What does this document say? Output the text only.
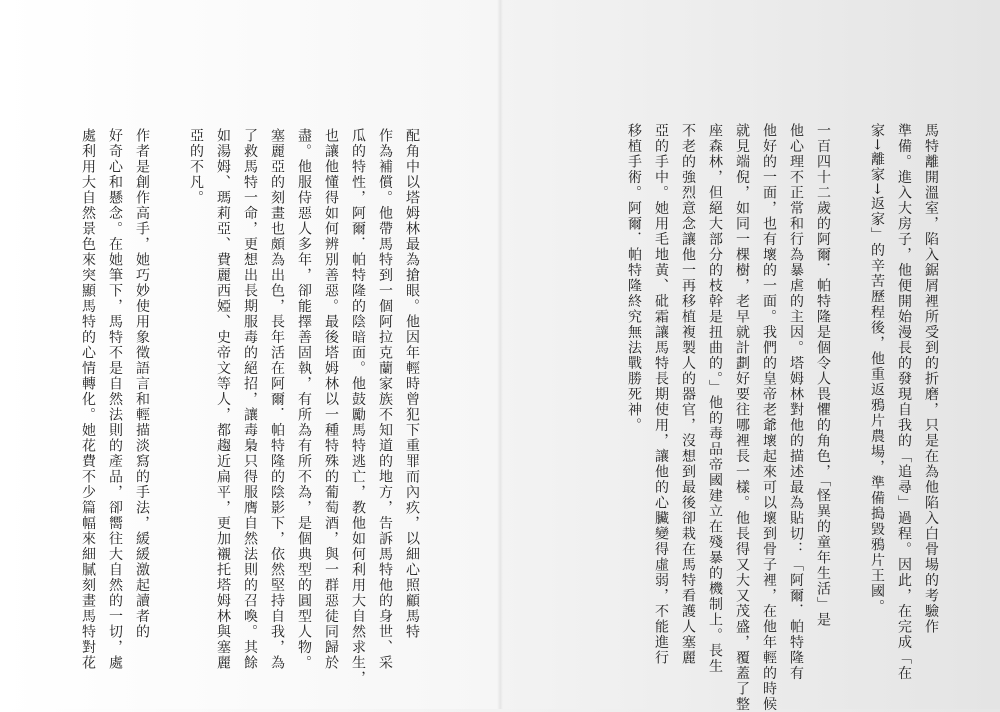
馬特離開溫室，陷入鋸屑裡所受到的折磨，只是在為他陷入白骨場的考驗作
準備。進入大房子，他便開始漫長的發現自我的「追尋」過程。因此，在完成「在
家→離家→返家」的辛苦歷程後，他重返鴉片農場，準備搗毀鴉片王國。
一百四十二歲的阿爾．帕特隆是個令人畏懼的角色，「怪異的童年生活」是
他心理不正常和行為暴虐的主因。塔姆林對他的描述最為貼切：「阿爾．帕特隆有
他好的一面，也有壞的一面。我們的皇帝老爺壞起來可以壞到骨子裡，在他年輕的時候
就見端倪，如同一棵樹，老早就計劃好要往哪裡長一樣。他長得又大又茂盛，覆蓋了整
座森林，但絕大部分的枝幹是扭曲的。」他的毒品帝國建立在殘暴的機制上。長生
不老的強烈意念讓他一再移植複製人的器官，沒想到最後卻栽在馬特看護人塞麗
亞的手中。她用毛地黃、砒霜讓馬特長期使用，讓他的心臟變得虛弱，不能進行
移植手術。阿爾．帕特隆終究無法戰勝死神。
配角中以塔姆林最為搶眼。他因年輕時曾犯下重罪而內疚，以細心照顧馬特
作為補償。他帶馬特到一個阿拉克蘭家族不知道的地方，告訴馬特他的身世、采
瓜的特性，阿爾．帕特隆的陰暗面。他鼓勵馬特逃亡，教他如何利用大自然求生，
也讓他懂得如何辨別善惡。最後塔姆林以一種特殊的葡萄酒，與一群惡徒同歸於
盡。他服侍惡人多年，卻能擇善固執，有所為有所不為，是個典型的圓型人物。
塞麗亞的刻畫也頗為出色，長年活在阿爾．帕特隆的陰影下，依然堅持自我，為
了救馬特一命，更想出長期服毒的絕招，讓毒梟只得服膺自然法則的召喚。其餘
如湯姆、瑪莉亞、費麗西婭、史帝文等人，都趨近扁平，更加襯托塔姆林與塞麗
亞的不凡。
作者是創作高手，她巧妙使用象徵語言和輕描淡寫的手法，緩緩激起讀者的
好奇心和懸念。在她筆下，馬特不是自然法則的產品，卻嚮往大自然的一切，處
處利用大自然景色來突顯馬特的心情轉化。她花費不少篇幅來細膩刻畫馬特對花
